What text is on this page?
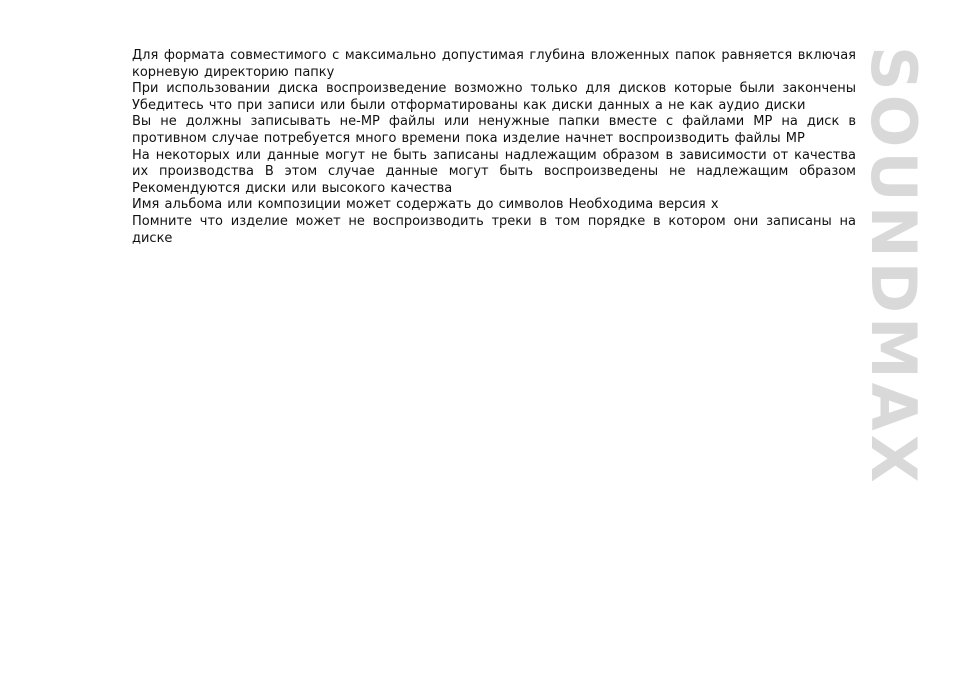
Для формата совместимого с максимально допустимая глубина вложенных папок равняется включая корневую директорию папку

При использовании диска воспроизведение возможно только для дисков которые были закончены Убедитесь что при записи или были отформатированы как диски данных а не как аудио диски

Вы не должны записывать не-MP файлы или ненужные папки вместе с файлами MP на диск в противном случае потребуется много времени пока изделие начнет воспроизводить файлы MP

На некоторых или данные могут не быть записаны надлежащим образом в зависимости от качества их производства В этом случае данные могут быть воспроизведены не надлежащим образом Рекомендуются диски или высокого качества

Имя альбома или композиции может содержать до символов Необходима версия x

Помните что изделие может не воспроизводить треки в том порядке в котором они записаны на диске	SOUNDMAX
